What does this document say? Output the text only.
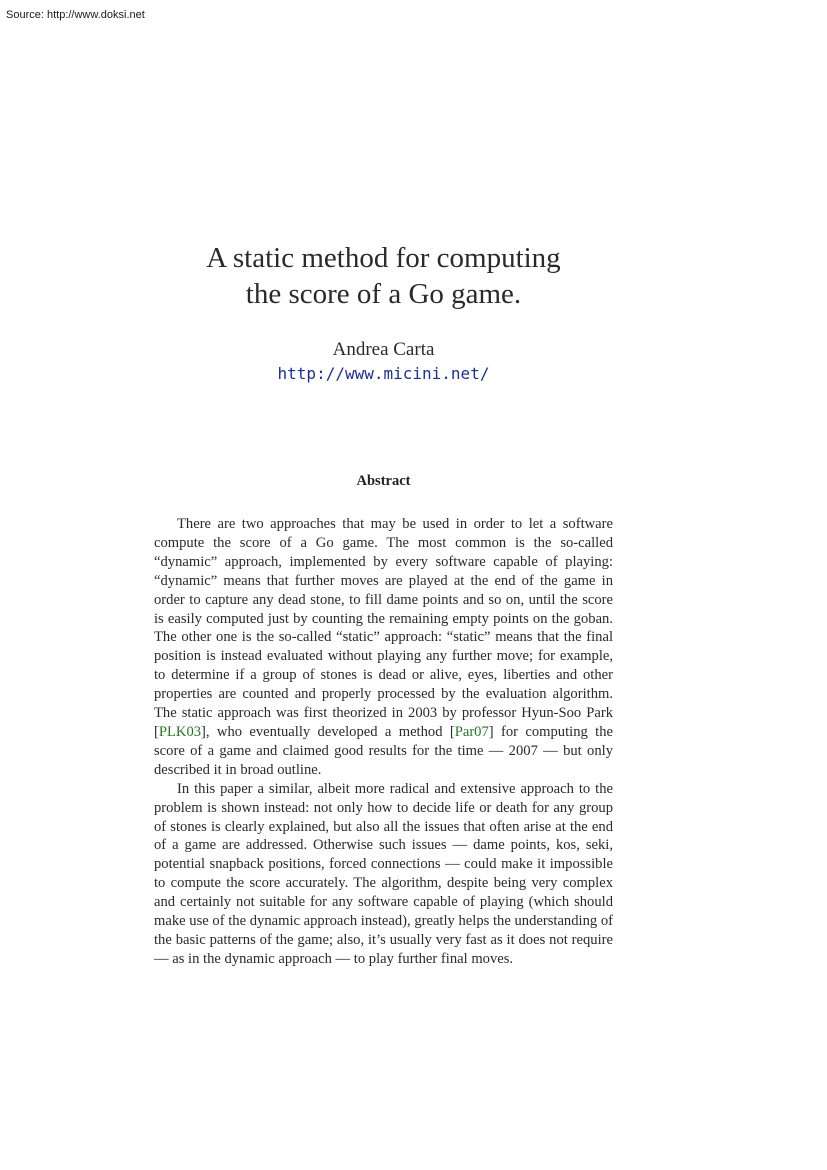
Source: http://www.doksi.net
A static method for computing
the score of a Go game.
Andrea Carta
http://www.micini.net/
Abstract

There are two approaches that may be used in order to let a software compute the score of a Go game. The most common is the so-called “dynamic” approach, implemented by every software capable of playing: “dynamic” means that further moves are played at the end of the game in order to capture any dead stone, to fill dame points and so on, until the score is easily computed just by counting the remaining empty points on the goban. The other one is the so-called “static” approach: “static” means that the final position is instead evaluated without playing any further move; for example, to determine if a group of stones is dead or alive, eyes, liberties and other properties are counted and properly processed by the evaluation algorithm. The static approach was first theorized in 2003 by professor Hyun-Soo Park [PLK03], who eventually developed a method [Par07] for computing the score of a game and claimed good results for the time — 2007 — but only described it in broad outline.

In this paper a similar, albeit more radical and extensive approach to the problem is shown instead: not only how to decide life or death for any group of stones is clearly explained, but also all the issues that often arise at the end of a game are addressed. Otherwise such issues — dame points, kos, seki, potential snapback positions, forced connections — could make it impossible to compute the score accurately. The algorithm, despite being very complex and certainly not suitable for any software capable of playing (which should make use of the dynamic approach instead), greatly helps the understanding of the basic patterns of the game; also, it’s usually very fast as it does not require — as in the dynamic approach — to play further final moves.
